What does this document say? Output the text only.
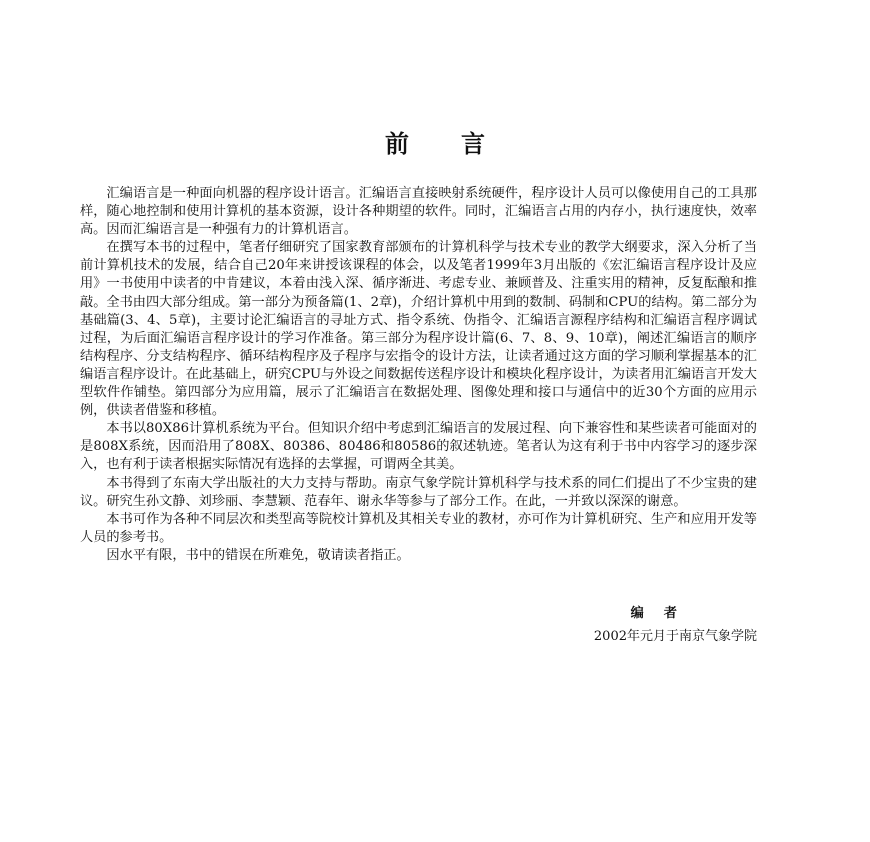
前言

汇编语言是一种面向机器的程序设计语言。汇编语言直接映射系统硬件，程序设计人员可以像使用自己的工具那样，随心地控制和使用计算机的基本资源，设计各种期望的软件。同时，汇编语言占用的内存小，执行速度快，效率高。因而汇编语言是一种强有力的计算机语言。

在撰写本书的过程中，笔者仔细研究了国家教育部颁布的计算机科学与技术专业的教学大纲要求，深入分析了当前计算机技术的发展，结合自己20年来讲授该课程的体会，以及笔者1999年3月出版的《宏汇编语言程序设计及应用》一书使用中读者的中肯建议，本着由浅入深、循序渐进、考虑专业、兼顾普及、注重实用的精神，反复酝酿和推敲。全书由四大部分组成。第一部分为预备篇(1、2章)，介绍计算机中用到的数制、码制和CPU的结构。第二部分为基础篇(3、4、5章)，主要讨论汇编语言的寻址方式、指令系统、伪指令、汇编语言源程序结构和汇编语言程序调试过程，为后面汇编语言程序设计的学习作准备。第三部分为程序设计篇(6、7、8、9、10章)，阐述汇编语言的顺序结构程序、分支结构程序、循环结构程序及子程序与宏指令的设计方法，让读者通过这方面的学习顺利掌握基本的汇编语言程序设计。在此基础上，研究CPU与外设之间数据传送程序设计和模块化程序设计，为读者用汇编语言开发大型软件作铺垫。第四部分为应用篇，展示了汇编语言在数据处理、图像处理和接口与通信中的近30个方面的应用示例，供读者借鉴和移植。

本书以80X86计算机系统为平台。但知识介绍中考虑到汇编语言的发展过程、向下兼容性和某些读者可能面对的是808X系统，因而沿用了808X、80386、80486和80586的叙述轨迹。笔者认为这有利于书中内容学习的逐步深入，也有利于读者根据实际情况有选择的去掌握，可谓两全其美。

本书得到了东南大学出版社的大力支持与帮助。南京气象学院计算机科学与技术系的同仁们提出了不少宝贵的建议。研究生孙文静、刘珍丽、李慧颖、范春年、谢永华等参与了部分工作。在此，一并致以深深的谢意。

本书可作为各种不同层次和类型高等院校计算机及其相关专业的教材，亦可作为计算机研究、生产和应用开发等人员的参考书。

因水平有限，书中的错误在所难免，敬请读者指正。

编者
2002年元月于南京气象学院
